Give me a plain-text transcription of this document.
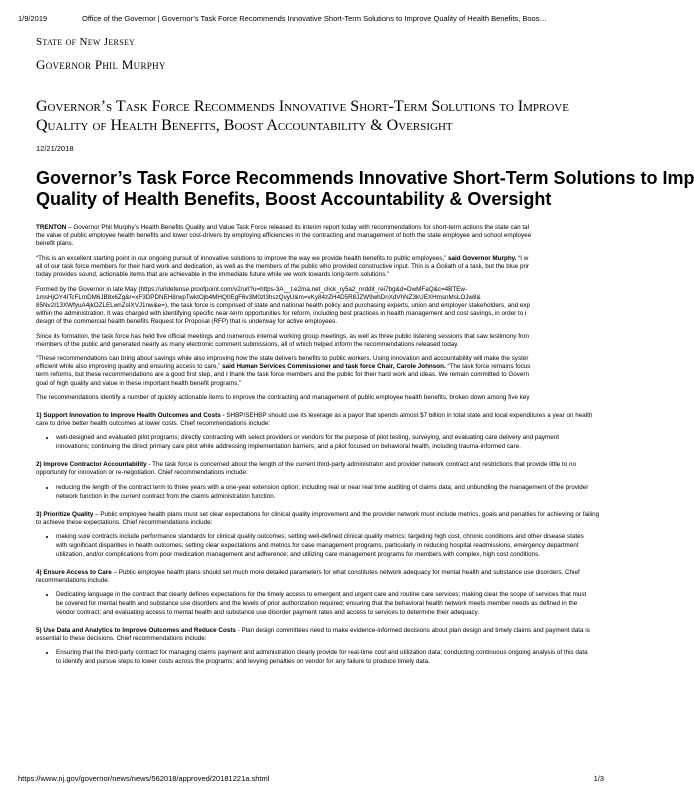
1/9/2019	Office of the Governor | Governor’s Task Force Recommends Innovative Short-Term Solutions to Improve Quality of Health Benefits, Boos…
State of New Jersey
Governor Phil Murphy
Governor’s Task Force Recommends Innovative Short-Term Solutions to Improve Quality of Health Benefits, Boost Accountability & Oversight
12/21/2018
Governor’s Task Force Recommends Innovative Short-Term Solutions to Imp
Quality of Health Benefits, Boost Accountability & Oversight

TRENTON – Governor Phil Murphy’s Health Benefits Quality and Value Task Force released its interim report today with recommendations for short-term actions the state can tal
the value of public employee health benefits and lower cost-drivers by employing efficiencies in the contracting and management of both the state employee and school employee
benefit plans.

“This is an excellent starting point in our ongoing pursuit of innovative solutions to improve the way we provide health benefits to public employees,” said Governor Murphy. “I w
all of our task force members for their hard work and dedication, as well as the members of the public who provided constructive input. This is a Goliath of a task, but the blue prir
today provides sound, actionable items that are achievable in the immediate future while we work towards long-term solutions.”

Formed by the Governor in late May (https://urldefense.proofpoint.com/v2/url?u=https-3A__t.e2ma.net_click_ry5a2_nrddit_rei7bg&d=DwMFaQ&c=4BTEw-
1msHjOY4ITcFLmDM6JB8x6Zg&r=xF3DPDNEH8rwpTwktOjb4MHQ0EgF6v3M0zl3hszQvyU&m=vKy84zZH4D5R8JZW9whDnXdVhNZ3kUEXHmsnMsLOJw8&
85Nv2I13XWfyuA4jkOZLELwnZsIXVJ1nw&e=), the task force is comprised of state and national health policy and purchasing experts, union and employer stakeholders, and exp
within the administration. It was charged with identifying specific near-term opportunities for reform, including best practices in health management and cost savings, in order to i
design of the commercial health benefits Request for Proposal (RFP) that is underway for active employees.

Since its formation, the task force has held five official meetings and numerous internal working group meetings, as well as three public listening sessions that saw testimony fron
members of the public and generated nearly as many electronic comment submissions, all of which helped inform the recommendations released today.

“These recommendations can bring about savings while also improving how the state delivers benefits to public workers. Using innovation and accountability will make the syster
efficient while also improving quality and ensuring access to care,” said Human Services Commissioner and task force Chair, Carole Johnson. “The task force remains focus
term reforms, but these recommendations are a good first step, and I thank the task force members and the public for their hard work and ideas. We remain committed to Govern
goal of high quality and value in these important health benefit programs.”

The recommendations identify a number of quickly actionable items to improve the contracting and management of public employee health benefits, broken down among five key

1) Support Innovation to Improve Health Outcomes and Costs - SHBP/SEHBP should use its leverage as a payor that spends almost $7 billion in total state and local expenditures a year on health care to drive better health outcomes at lower costs. Chief recommendations include:

• well-designed and evaluated pilot programs; directly contracting with select providers or vendors for the purpose of pilot testing, surveying, and evaluating care delivery and payment innovations; continuing the direct primary care pilot while addressing implementation barriers; and a pilot focused on behavioral health, including trauma-informed care.

2) Improve Contractor Accountability - The task force is concerned about the length of the current third-party administrator and provider network contract and restrictions that provide little to no opportunity for innovation or re-negotiation. Chief recommendations include:

• reducing the length of the contract term to three years with a one-year extension option; including real or near real time auditing of claims data; and unbundling the management of the provider network function in the current contract from the claims administration function.

3) Prioritize Quality – Public employee health plans must set clear expectations for clinical quality improvement and the provider network must include metrics, goals and penalties for achieving or failing to achieve these expectations. Chief recommendations include:

• making sure contracts include performance standards for clinical quality outcomes; setting well-defined clinical quality metrics; targeting high cost, chronic conditions and other disease states with significant disparities in health outcomes; setting clear expectations and metrics for case management programs, particularly in reducing hospital readmissions, emergency department utilization, and/or complications from poor medication management and adherence; and utilizing care management programs for members with complex, high cost conditions.

4) Ensure Access to Care – Public employee health plans should set much more detailed parameters for what constitutes network adequacy for mental health and substance use disorders. Chief recommendations include:

• Dedicating language in the contract that clearly defines expectations for the timely access to emergent and urgent care and routine care services; making clear the scope of services that must be covered for mental health and substance use disorders and the levels of prior authorization required; ensuring that the behavioral health network meets member needs as defined in the vendor contract; and evaluating access to mental health and substance use disorder payment rates and access to services to determine their adequacy.

5) Use Data and Analytics to Improve Outcomes and Reduce Costs - Plan design committees need to make evidence-informed decisions about plan design and timely claims and payment data is essential to these decisions. Chief recommendations include:

• Ensuring that the third-party contract for managing claims payment and administration clearly provide for real-time cost and utilization data; conducting continuous ongoing analysis of this data to identify and pursue steps to lower costs across the programs; and levying penalties on vendor for any failure to produce timely data.
https://www.nj.gov/governor/news/news/562018/approved/20181221a.shtml	1/3
